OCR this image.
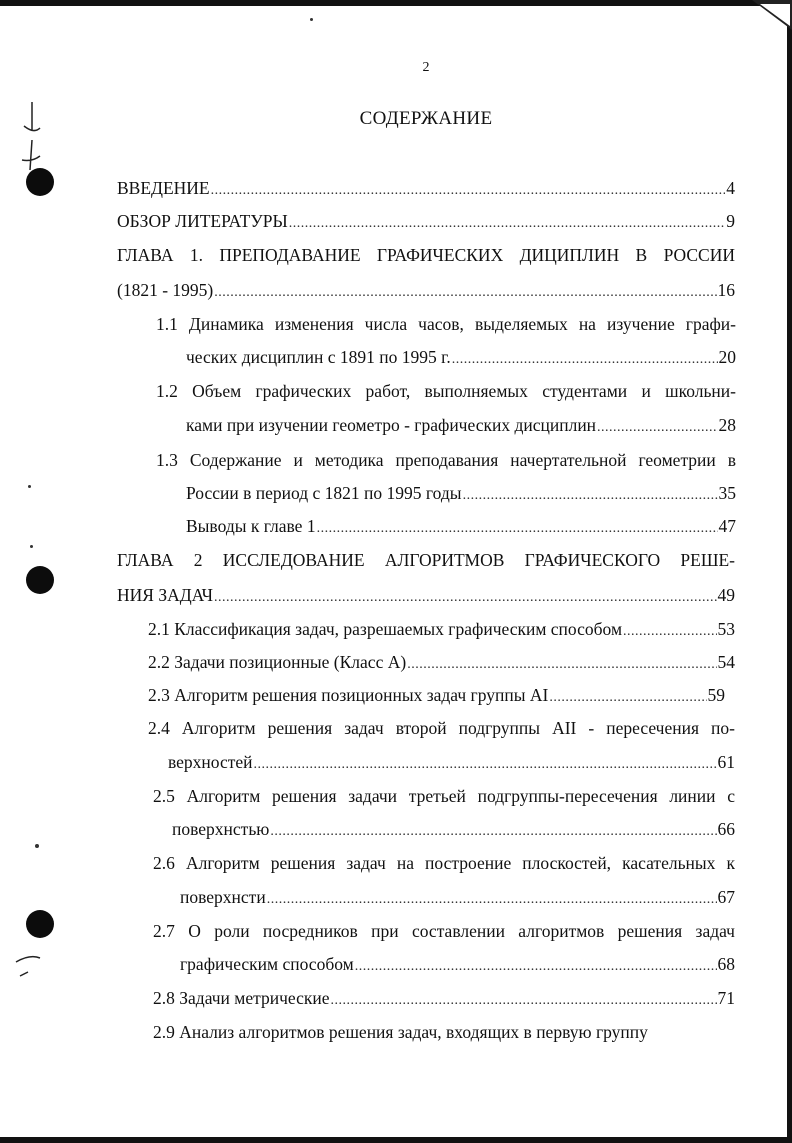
2
СОДЕРЖАНИЕ
ВВЕДЕНИЕ .....	4
ОБЗОР ЛИТЕРАТУРЫ .....	9
ГЛАВА 1. ПРЕПОДАВАНИЕ ГРАФИЧЕСКИХ ДИЦИПЛИН В РОССИИ
(1821 - 1995) .....	16
1.1 Динамика изменения числа часов, выделяемых на изучение графи-
ческих дисциплин с 1891 по 1995 г. .....	20
1.2 Объем графических работ, выполняемых студентами и школьни-
ками при изучении геометро - графических дисциплин .....	28
1.3 Содержание и методика преподавания начертательной геометрии в
России в период с 1821 по 1995 годы .....	35
Выводы к главе 1 .....	47
ГЛАВА 2 ИССЛЕДОВАНИЕ АЛГОРИТМОВ ГРАФИЧЕСКОГО РЕШЕ-
НИЯ ЗАДАЧ .....	49
2.1 Классификация задач, разрешаемых графическим способом .....	53
2.2 Задачи позиционные (Класс А) .....	54
2.3 Алгоритм решения позиционных задач группы AI .....	59
2.4 Алгоритм решения задач второй подгруппы AII - пересечения по-
верхностей .....	61
2.5 Алгоритм решения задачи третьей подгруппы-пересечения линии с
поверхнстью .....	66
2.6 Алгоритм решения задач на построение плоскостей, касательных к
поверхнсти .....	67
2.7 О роли посредников при составлении алгоритмов решения задач
графическим способом .....	68
2.8 Задачи метрические .....	71
2.9 Анализ алгоритмов решения задач, входящих в первую группу
